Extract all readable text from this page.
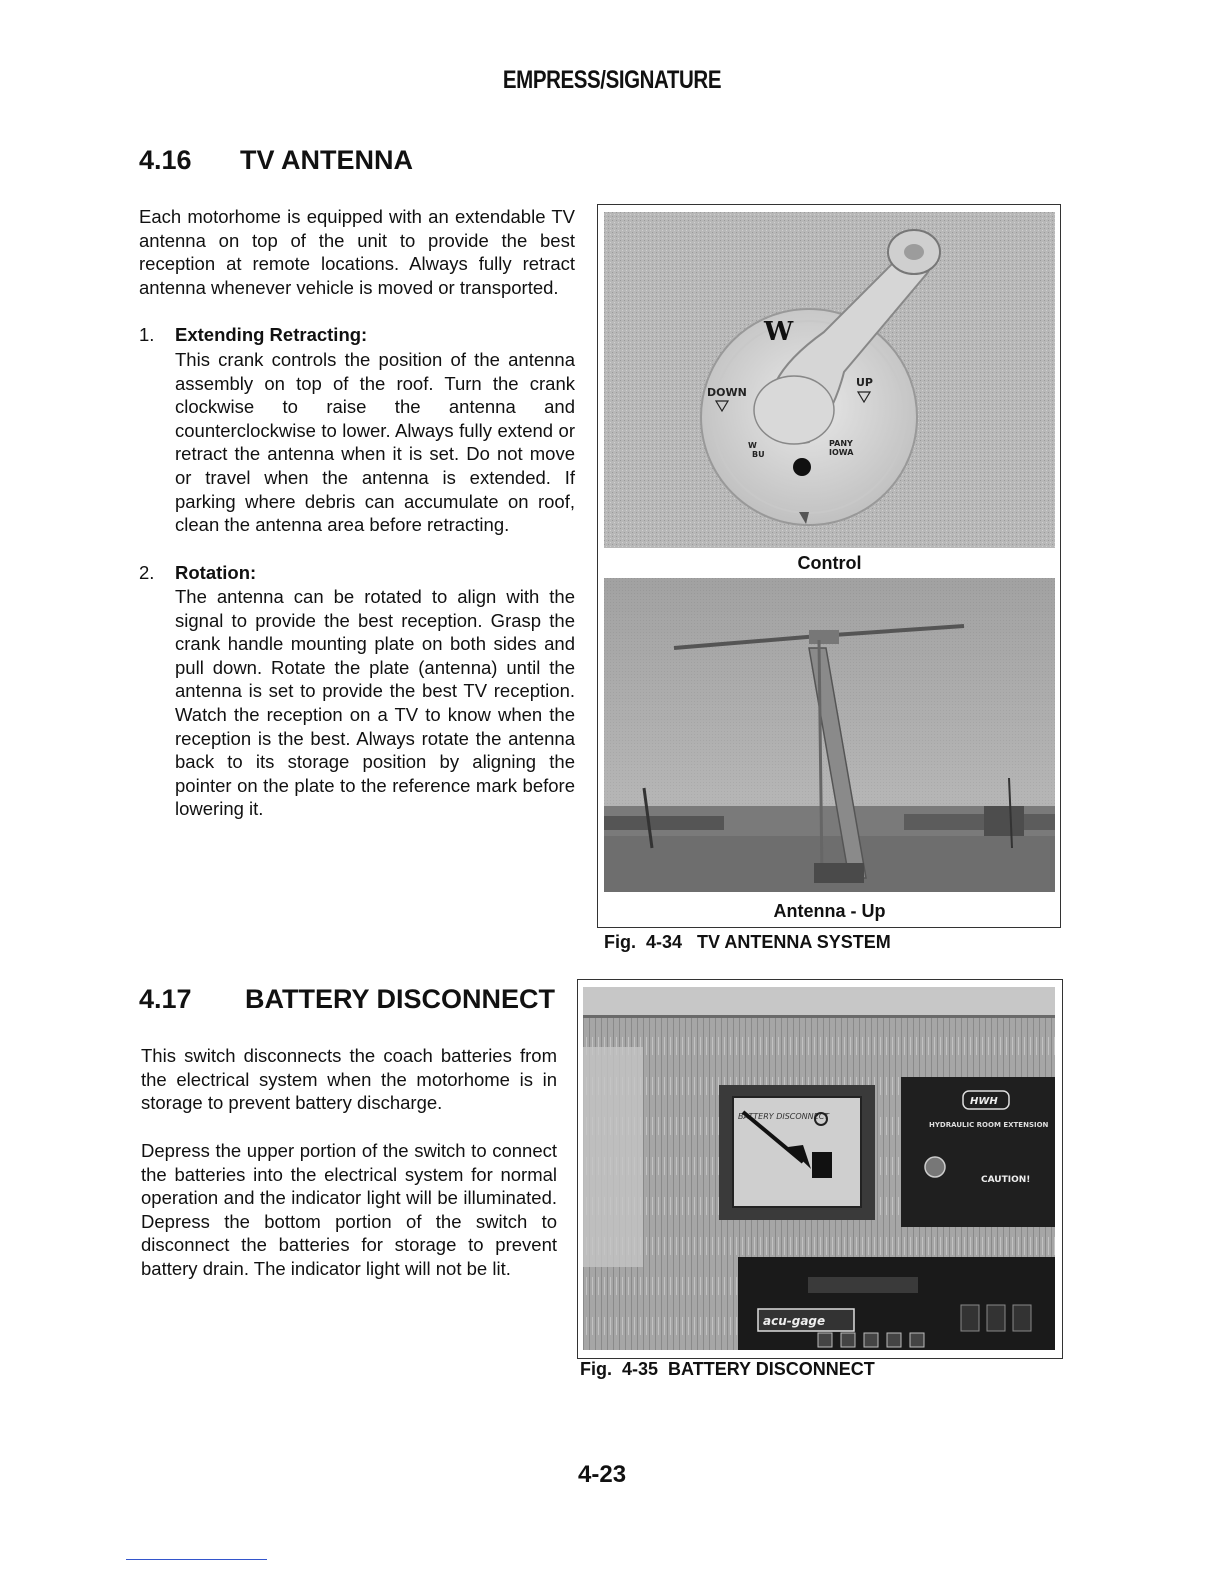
EMPRESS/SIGNATURE
4.16 TV ANTENNA
Each motorhome is equipped with an extendable TV antenna on top of the unit to provide the best reception at remote locations. Always fully retract antenna whenever vehicle is moved or transported.
1. Extending Retracting:
This crank controls the position of the antenna assembly on top of the roof. Turn the crank clockwise to raise the antenna and counterclockwise to lower. Always fully extend or retract the antenna when it is set. Do not move or travel when the antenna is extended. If parking where debris can accumulate on roof, clean the antenna area before retracting.
2. Rotation:
The antenna can be rotated to align with the signal to provide the best reception. Grasp the crank handle mounting plate on both sides and pull down. Rotate the plate (antenna) until the antenna is set to provide the best TV reception. Watch the reception on a TV to know when the reception is the best. Always rotate the antenna back to its storage position by aligning the pointer on the plate to the reference mark before lowering it.
W
DOWN
UP
W
BU
PANY
IOWA
Control
Antenna - Up
Fig.  4-34 TV ANTENNA SYSTEM
4.17 BATTERY DISCONNECT
This switch disconnects the coach batteries from the electrical system when the motorhome is in storage to prevent battery discharge.
Depress the upper portion of the switch to connect the batteries into the electrical system for normal operation and the indicator light will be illuminated. Depress the bottom portion of the switch to disconnect the batteries for storage to prevent battery drain. The indicator light will not be lit.
BATTERY DISCONNECT
HWH
HYDRAULIC ROOM EXTENSION
CAUTION!
acu-gage
Fig.  4-35 BATTERY DISCONNECT
4-23
